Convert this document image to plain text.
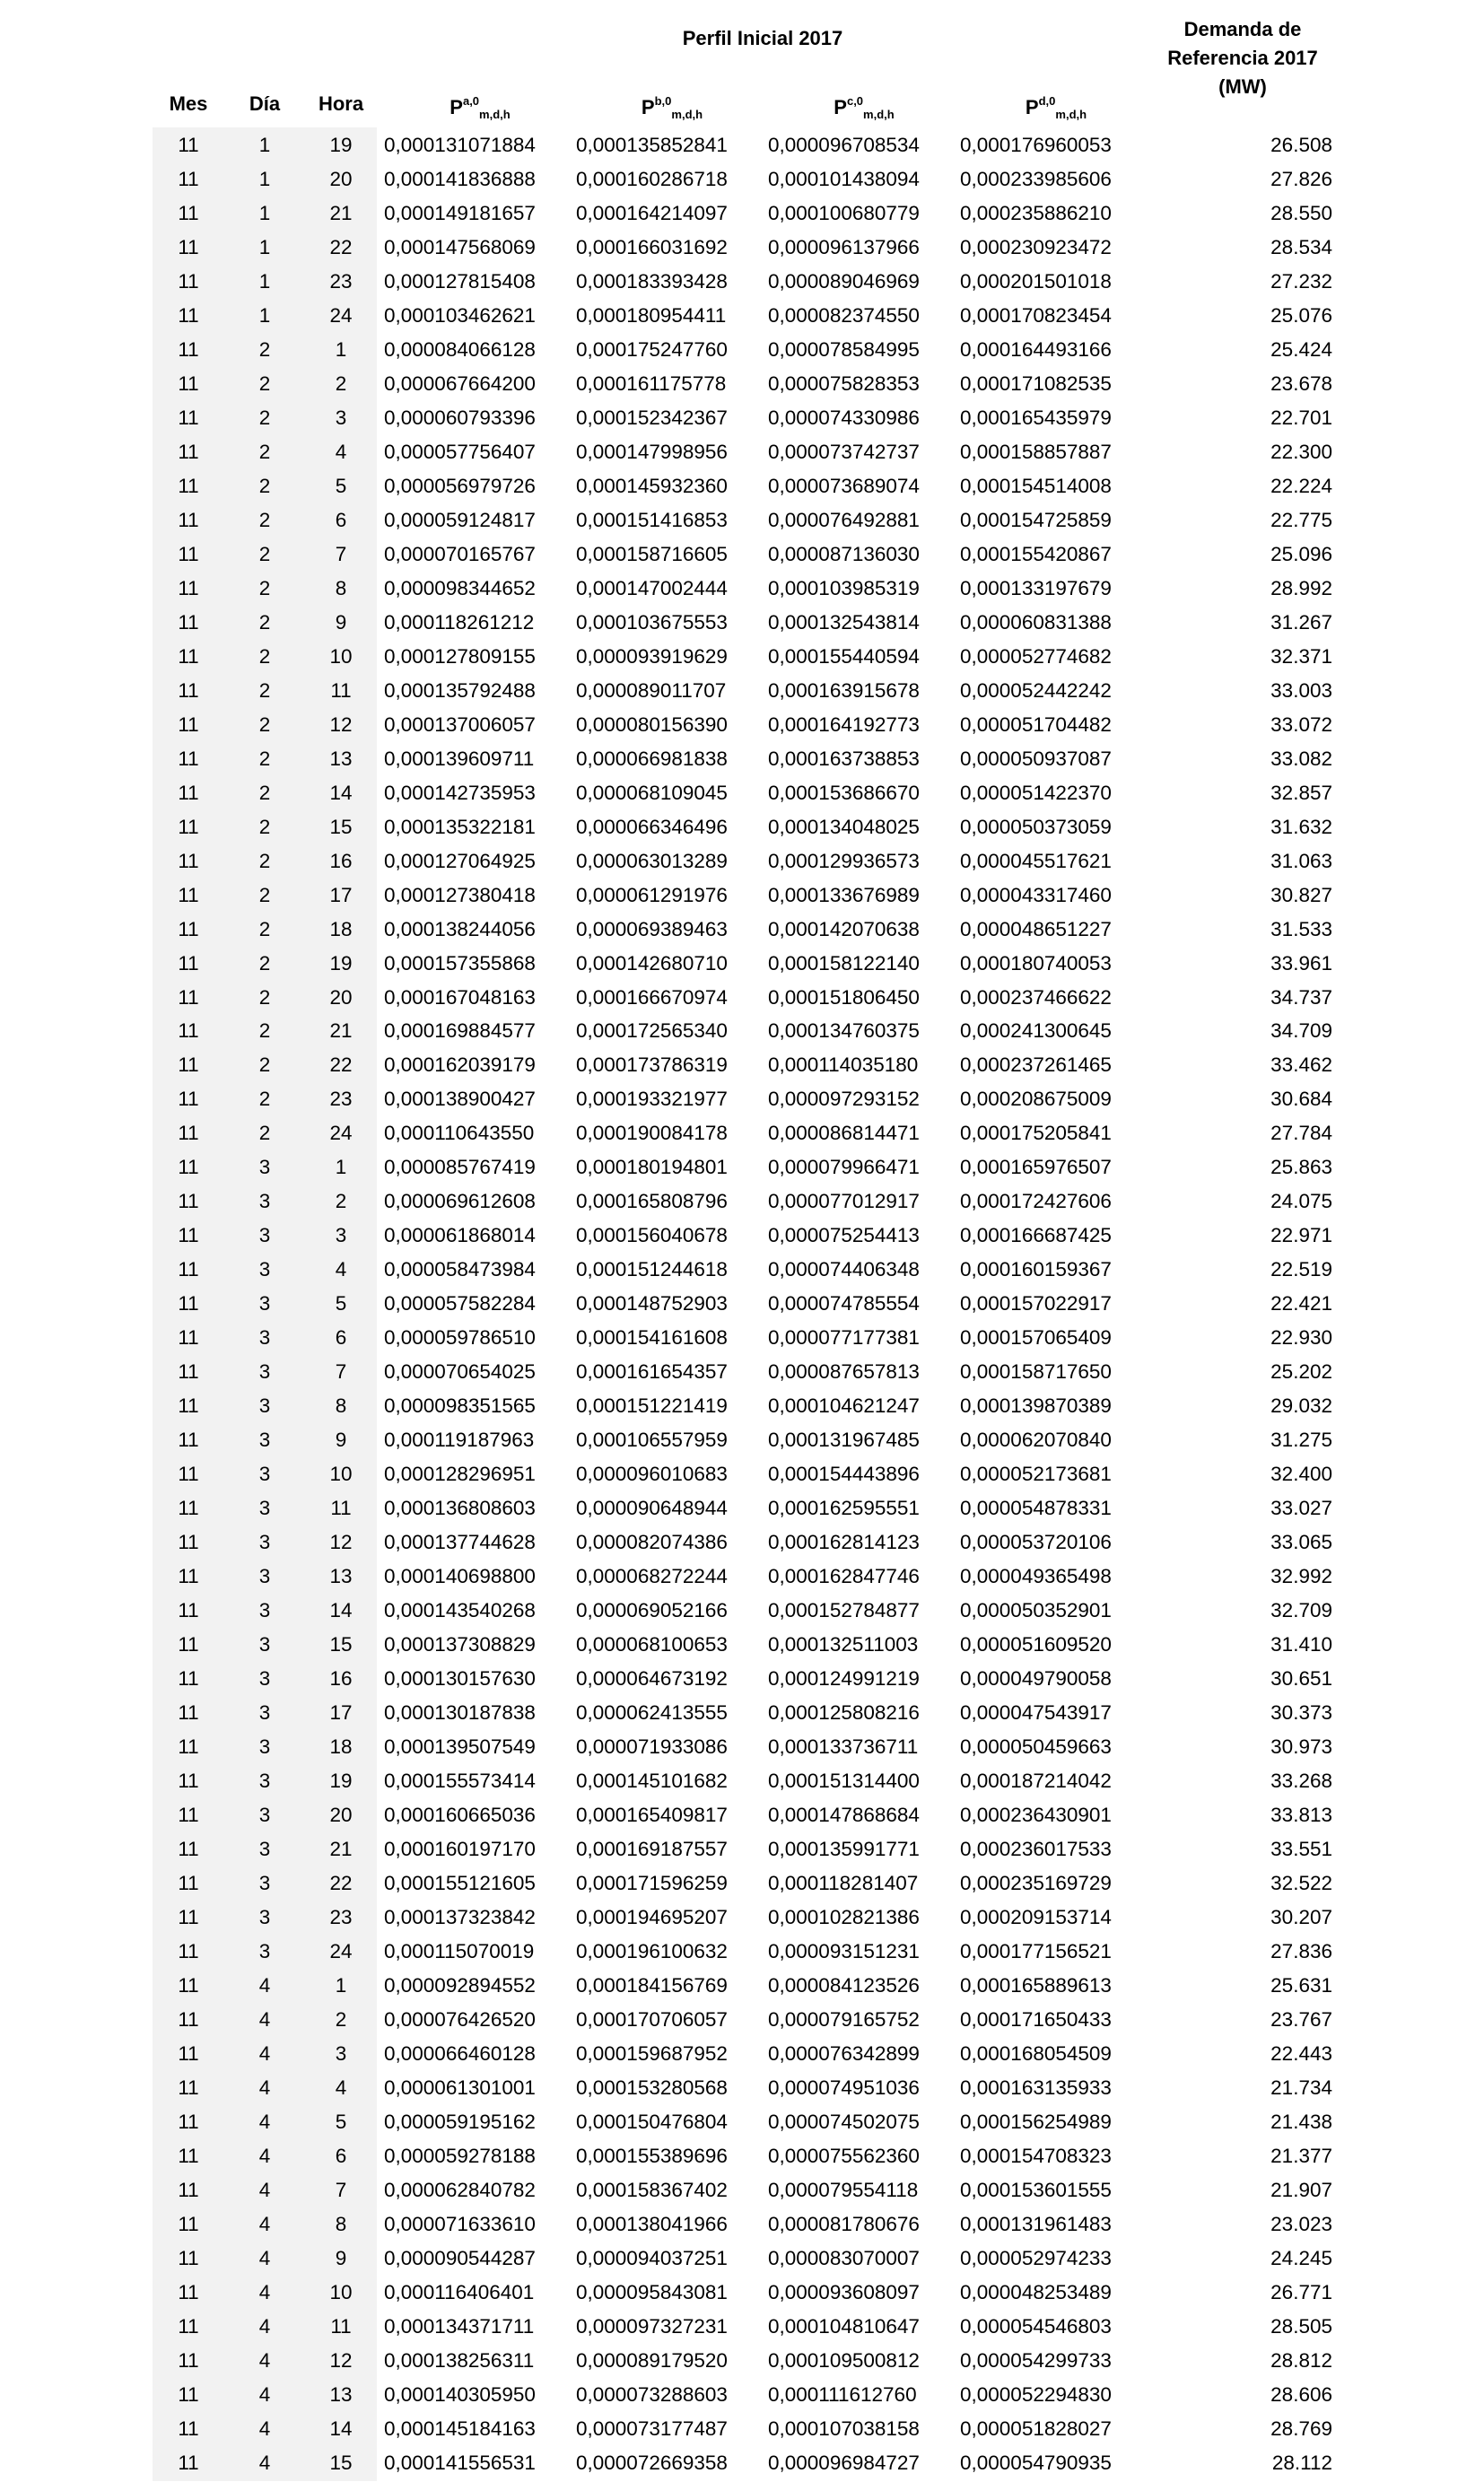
Perfil Inicial 2017	Demanda de
Referencia 2017
(MW)
Mes	Día	Hora	P$^{a,0}_{m,d,h}$	P$^{b,0}_{m,d,h}$	P$^{c,0}_{m,d,h}$	P$^{d,0}_{m,d,h}$
11	1	19	0,000131071884	0,000135852841	0,000096708534	0,000176960053	26.508
11	1	20	0,000141836888	0,000160286718	0,000101438094	0,000233985606	27.826
11	1	21	0,000149181657	0,000164214097	0,000100680779	0,000235886210	28.550
11	1	22	0,000147568069	0,000166031692	0,000096137966	0,000230923472	28.534
11	1	23	0,000127815408	0,000183393428	0,000089046969	0,000201501018	27.232
11	1	24	0,000103462621	0,000180954411	0,000082374550	0,000170823454	25.076
11	2	1	0,000084066128	0,000175247760	0,000078584995	0,000164493166	25.424
11	2	2	0,000067664200	0,000161175778	0,000075828353	0,000171082535	23.678
11	2	3	0,000060793396	0,000152342367	0,000074330986	0,000165435979	22.701
11	2	4	0,000057756407	0,000147998956	0,000073742737	0,000158857887	22.300
11	2	5	0,000056979726	0,000145932360	0,000073689074	0,000154514008	22.224
11	2	6	0,000059124817	0,000151416853	0,000076492881	0,000154725859	22.775
11	2	7	0,000070165767	0,000158716605	0,000087136030	0,000155420867	25.096
11	2	8	0,000098344652	0,000147002444	0,000103985319	0,000133197679	28.992
11	2	9	0,000118261212	0,000103675553	0,000132543814	0,000060831388	31.267
11	2	10	0,000127809155	0,000093919629	0,000155440594	0,000052774682	32.371
11	2	11	0,000135792488	0,000089011707	0,000163915678	0,000052442242	33.003
11	2	12	0,000137006057	0,000080156390	0,000164192773	0,000051704482	33.072
11	2	13	0,000139609711	0,000066981838	0,000163738853	0,000050937087	33.082
11	2	14	0,000142735953	0,000068109045	0,000153686670	0,000051422370	32.857
11	2	15	0,000135322181	0,000066346496	0,000134048025	0,000050373059	31.632
11	2	16	0,000127064925	0,000063013289	0,000129936573	0,000045517621	31.063
11	2	17	0,000127380418	0,000061291976	0,000133676989	0,000043317460	30.827
11	2	18	0,000138244056	0,000069389463	0,000142070638	0,000048651227	31.533
11	2	19	0,000157355868	0,000142680710	0,000158122140	0,000180740053	33.961
11	2	20	0,000167048163	0,000166670974	0,000151806450	0,000237466622	34.737
11	2	21	0,000169884577	0,000172565340	0,000134760375	0,000241300645	34.709
11	2	22	0,000162039179	0,000173786319	0,000114035180	0,000237261465	33.462
11	2	23	0,000138900427	0,000193321977	0,000097293152	0,000208675009	30.684
11	2	24	0,000110643550	0,000190084178	0,000086814471	0,000175205841	27.784
11	3	1	0,000085767419	0,000180194801	0,000079966471	0,000165976507	25.863
11	3	2	0,000069612608	0,000165808796	0,000077012917	0,000172427606	24.075
11	3	3	0,000061868014	0,000156040678	0,000075254413	0,000166687425	22.971
11	3	4	0,000058473984	0,000151244618	0,000074406348	0,000160159367	22.519
11	3	5	0,000057582284	0,000148752903	0,000074785554	0,000157022917	22.421
11	3	6	0,000059786510	0,000154161608	0,000077177381	0,000157065409	22.930
11	3	7	0,000070654025	0,000161654357	0,000087657813	0,000158717650	25.202
11	3	8	0,000098351565	0,000151221419	0,000104621247	0,000139870389	29.032
11	3	9	0,000119187963	0,000106557959	0,000131967485	0,000062070840	31.275
11	3	10	0,000128296951	0,000096010683	0,000154443896	0,000052173681	32.400
11	3	11	0,000136808603	0,000090648944	0,000162595551	0,000054878331	33.027
11	3	12	0,000137744628	0,000082074386	0,000162814123	0,000053720106	33.065
11	3	13	0,000140698800	0,000068272244	0,000162847746	0,000049365498	32.992
11	3	14	0,000143540268	0,000069052166	0,000152784877	0,000050352901	32.709
11	3	15	0,000137308829	0,000068100653	0,000132511003	0,000051609520	31.410
11	3	16	0,000130157630	0,000064673192	0,000124991219	0,000049790058	30.651
11	3	17	0,000130187838	0,000062413555	0,000125808216	0,000047543917	30.373
11	3	18	0,000139507549	0,000071933086	0,000133736711	0,000050459663	30.973
11	3	19	0,000155573414	0,000145101682	0,000151314400	0,000187214042	33.268
11	3	20	0,000160665036	0,000165409817	0,000147868684	0,000236430901	33.813
11	3	21	0,000160197170	0,000169187557	0,000135991771	0,000236017533	33.551
11	3	22	0,000155121605	0,000171596259	0,000118281407	0,000235169729	32.522
11	3	23	0,000137323842	0,000194695207	0,000102821386	0,000209153714	30.207
11	3	24	0,000115070019	0,000196100632	0,000093151231	0,000177156521	27.836
11	4	1	0,000092894552	0,000184156769	0,000084123526	0,000165889613	25.631
11	4	2	0,000076426520	0,000170706057	0,000079165752	0,000171650433	23.767
11	4	3	0,000066460128	0,000159687952	0,000076342899	0,000168054509	22.443
11	4	4	0,000061301001	0,000153280568	0,000074951036	0,000163135933	21.734
11	4	5	0,000059195162	0,000150476804	0,000074502075	0,000156254989	21.438
11	4	6	0,000059278188	0,000155389696	0,000075562360	0,000154708323	21.377
11	4	7	0,000062840782	0,000158367402	0,000079554118	0,000153601555	21.907
11	4	8	0,000071633610	0,000138041966	0,000081780676	0,000131961483	23.023
11	4	9	0,000090544287	0,000094037251	0,000083070007	0,000052974233	24.245
11	4	10	0,000116406401	0,000095843081	0,000093608097	0,000048253489	26.771
11	4	11	0,000134371711	0,000097327231	0,000104810647	0,000054546803	28.505
11	4	12	0,000138256311	0,000089179520	0,000109500812	0,000054299733	28.812
11	4	13	0,000140305950	0,000073288603	0,000111612760	0,000052294830	28.606
11	4	14	0,000145184163	0,000073177487	0,000107038158	0,000051828027	28.769
11	4	15	0,000141556531	0,000072669358	0,000096984727	0,000054790935	28.112
